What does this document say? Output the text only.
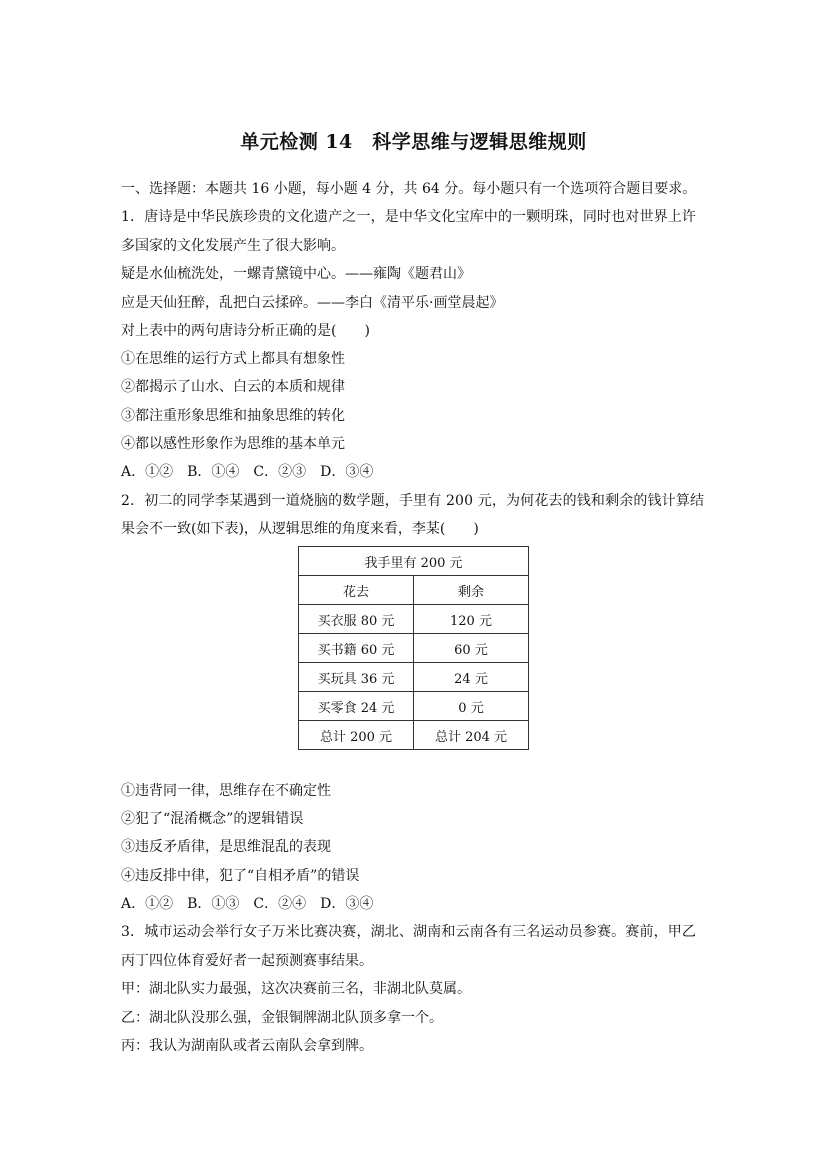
单元检测 14　科学思维与逻辑思维规则
一、选择题：本题共 16 小题，每小题 4 分，共 64 分。每小题只有一个选项符合题目要求。
1．唐诗是中华民族珍贵的文化遗产之一，是中华文化宝库中的一颗明珠，同时也对世界上许
多国家的文化发展产生了很大影响。
疑是水仙梳洗处，一螺青黛镜中心。——雍陶《题君山》
应是天仙狂醉，乱把白云揉碎。——李白《清平乐·画堂晨起》
对上表中的两句唐诗分析正确的是(　　)
①在思维的运行方式上都具有想象性
②都揭示了山水、白云的本质和规律
③都注重形象思维和抽象思维的转化
④都以感性形象作为思维的基本单元
A．①②　B．①④　C．②③　D．③④
2．初二的同学李某遇到一道烧脑的数学题，手里有 200 元，为何花去的钱和剩余的钱计算结
果会不一致(如下表)，从逻辑思维的角度来看，李某(　　)
我手里有 200 元	
花去	剩余
买衣服 80 元	120 元
买书籍 60 元	60 元
买玩具 36 元	24 元
买零食 24 元	0 元
总计 200 元	总计 204 元
①违背同一律，思维存在不确定性
②犯了“混淆概念”的逻辑错误
③违反矛盾律，是思维混乱的表现
④违反排中律，犯了“自相矛盾”的错误
A．①②　B．①③　C．②④　D．③④
3．城市运动会举行女子万米比赛决赛，湖北、湖南和云南各有三名运动员参赛。赛前，甲乙
丙丁四位体育爱好者一起预测赛事结果。
甲：湖北队实力最强，这次决赛前三名，非湖北队莫属。
乙：湖北队没那么强，金银铜牌湖北队顶多拿一个。
丙：我认为湖南队或者云南队会拿到牌。
